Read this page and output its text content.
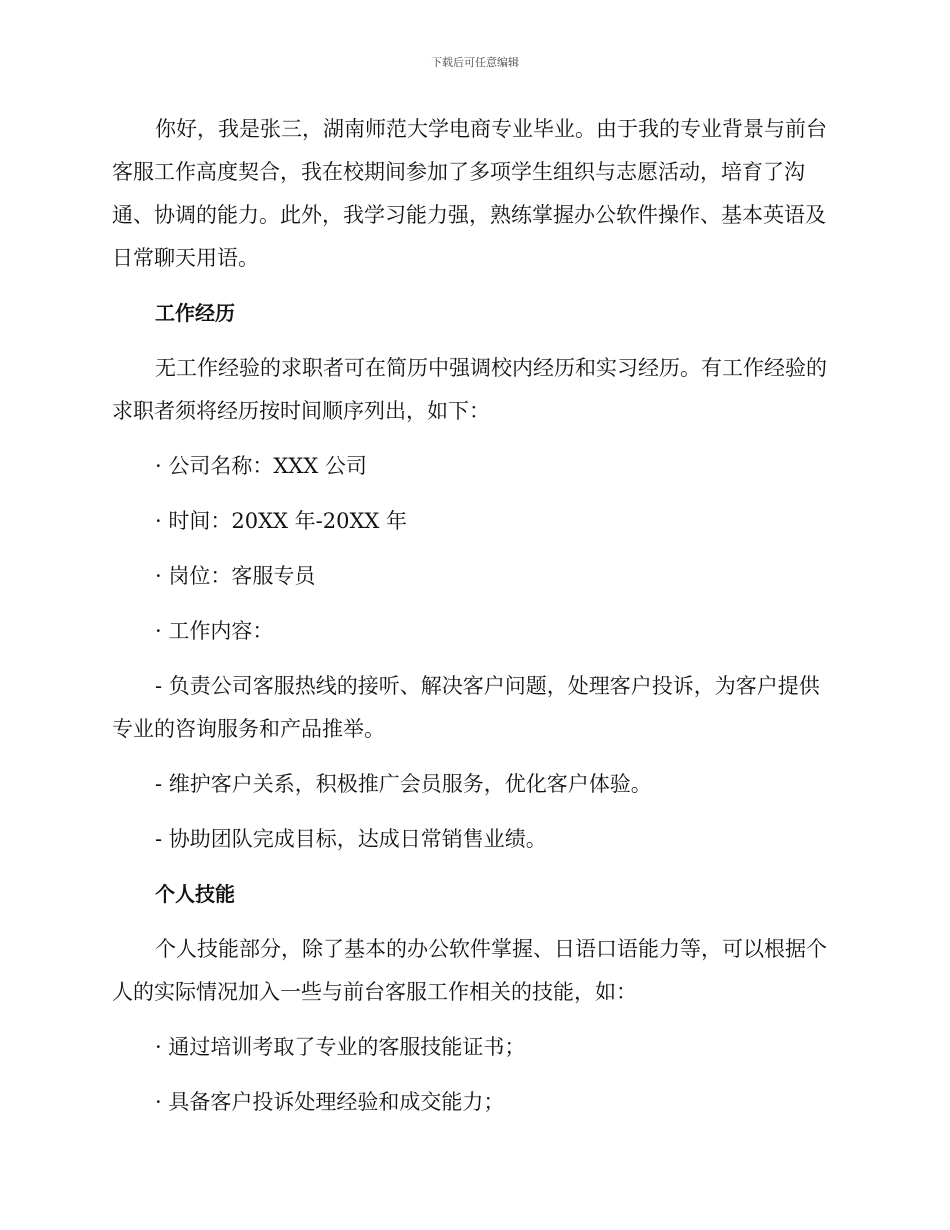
下载后可任意编辑

你好，我是张三，湖南师范大学电商专业毕业。由于我的专业背景与前台客服工作高度契合，我在校期间参加了多项学生组织与志愿活动，培育了沟通、协调的能力。此外，我学习能力强，熟练掌握办公软件操作、基本英语及日常聊天用语。

工作经历

无工作经验的求职者可在简历中强调校内经历和实习经历。有工作经验的求职者须将经历按时间顺序列出，如下：

· 公司名称：XXX 公司

· 时间：20XX 年-20XX 年

· 岗位：客服专员

· 工作内容：

- 负责公司客服热线的接听、解决客户问题，处理客户投诉，为客户提供专业的咨询服务和产品推举。

- 维护客户关系，积极推广会员服务，优化客户体验。

- 协助团队完成目标，达成日常销售业绩。

个人技能

个人技能部分，除了基本的办公软件掌握、日语口语能力等，可以根据个人的实际情况加入一些与前台客服工作相关的技能，如：

· 通过培训考取了专业的客服技能证书；

· 具备客户投诉处理经验和成交能力；
